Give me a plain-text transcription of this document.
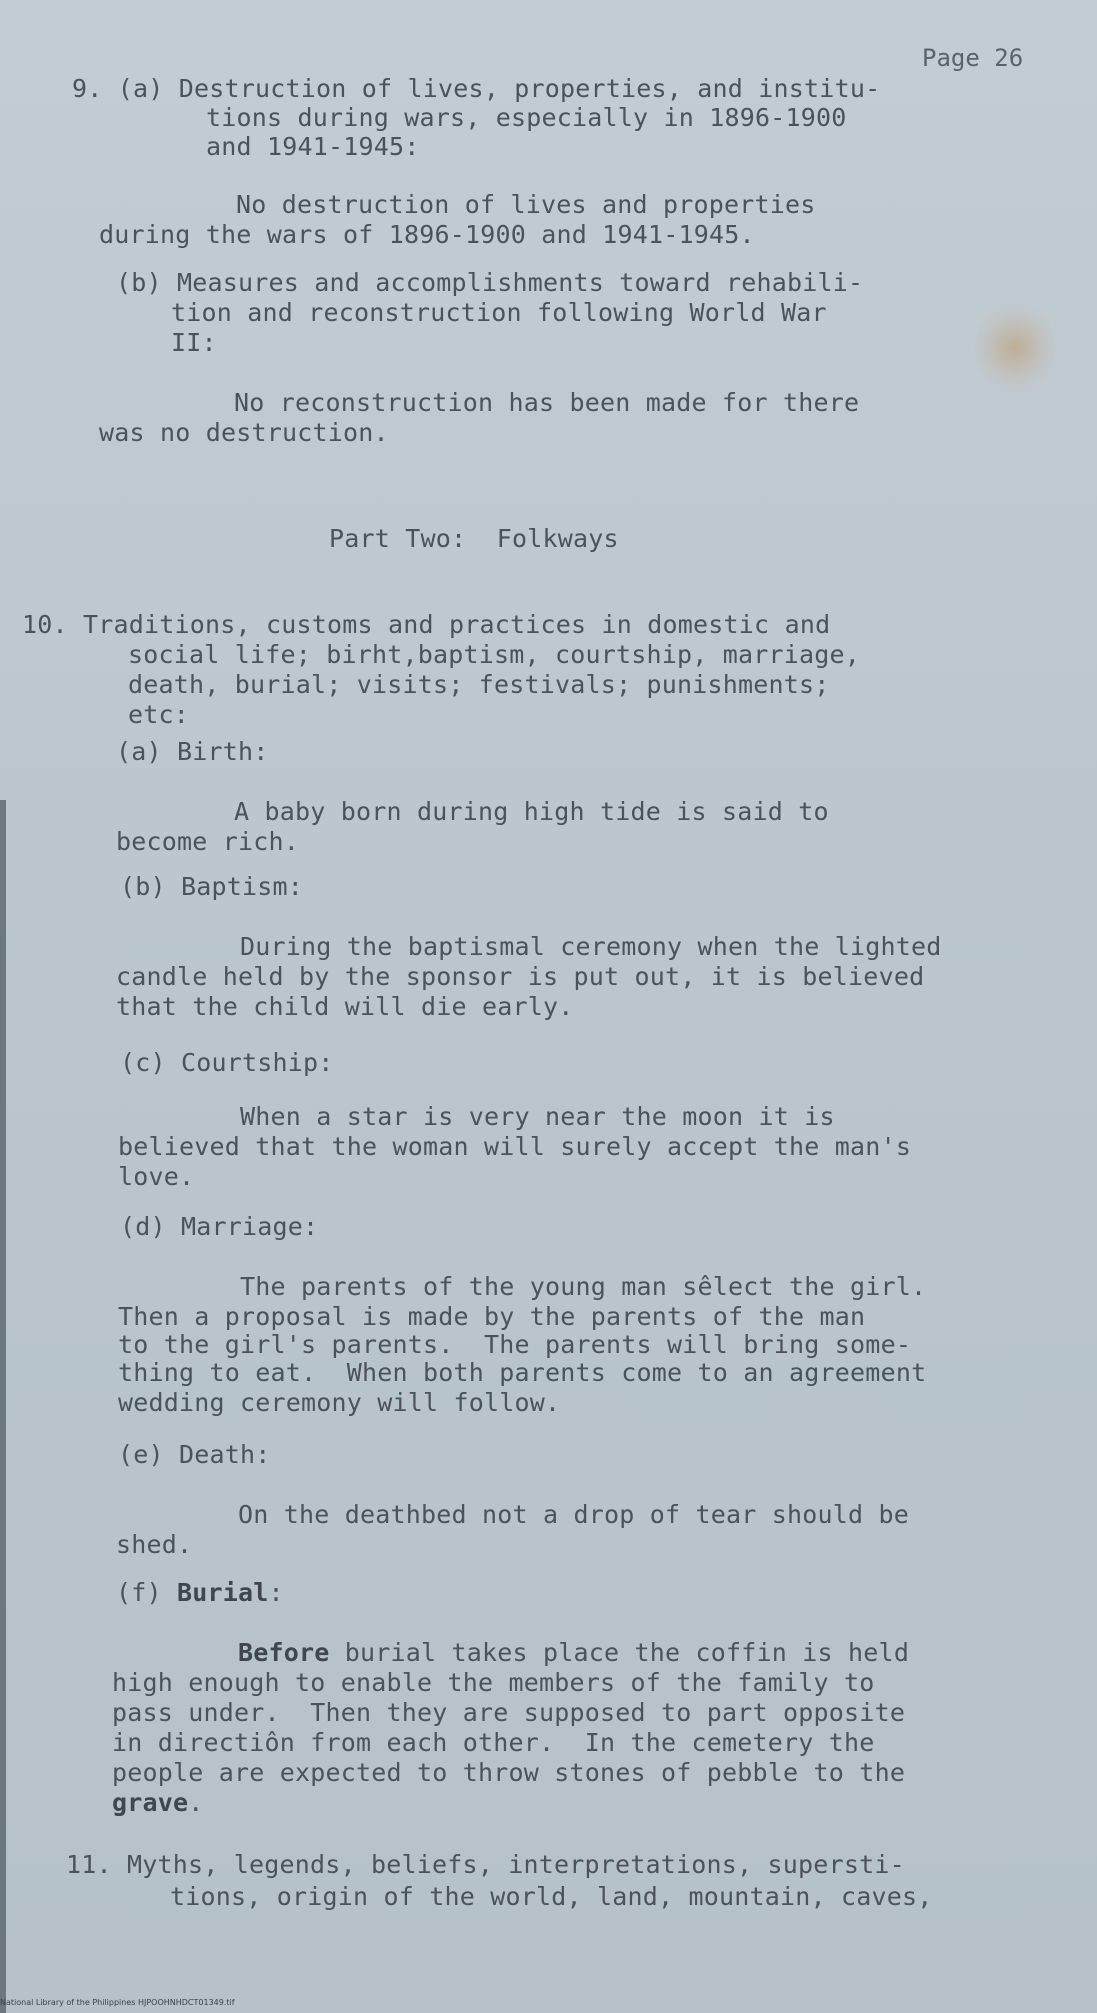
Page 26
9. (a) Destruction of lives, properties, and institu-
tions during wars, especially in 1896-1900
and 1941-1945:
No destruction of lives and properties
during the wars of 1896-1900 and 1941-1945.
(b) Measures and accomplishments toward rehabili-
tion and reconstruction following World War
II:
No reconstruction has been made for there
was no destruction.
Part Two:  Folkways
10. Traditions, customs and practices in domestic and
social life; birht,baptism, courtship, marriage,
death, burial; visits; festivals; punishments;
etc:
(a) Birth:
A baby born during high tide is said to
become rich.
(b) Baptism:
During the baptismal ceremony when the lighted
candle held by the sponsor is put out, it is believed
that the child will die early.
(c) Courtship:
When a star is very near the moon it is
believed that the woman will surely accept the man's
love.
(d) Marriage:
The parents of the young man sêlect the girl.
Then a proposal is made by the parents of the man
to the girl's parents.  The parents will bring some-
thing to eat.  When both parents come to an agreement
wedding ceremony will follow.
(e) Death:
On the deathbed not a drop of tear should be
shed.
(f) Burial:
Before burial takes place the coffin is held
high enough to enable the members of the family to
pass under.  Then they are supposed to part opposite
in directiôn from each other.  In the cemetery the
people are expected to throw stones of pebble to the
grave.
11. Myths, legends, beliefs, interpretations, supersti-
tions, origin of the world, land, mountain, caves,
National Library of the Philippines HJPOOHNHDCT01349.tif
